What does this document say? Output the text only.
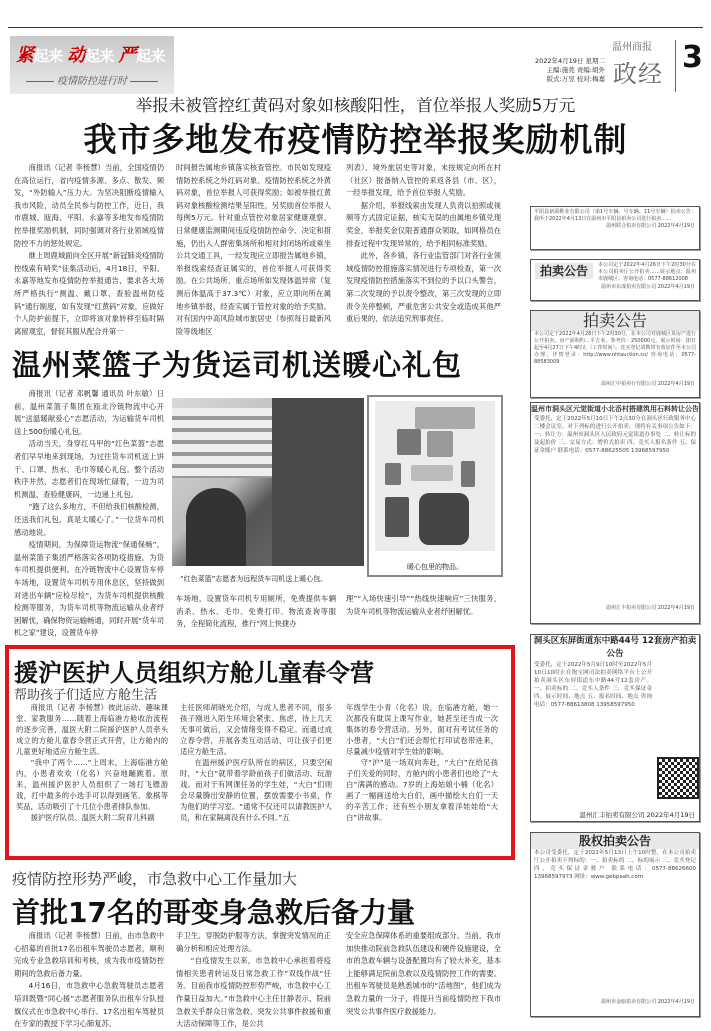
紧起来 动起来 严起来
疫情防控进行时
2022年4月19日 星期二
主编:施莞 责编:胡外
版式:万昱 校对:梅嘉
温州商报
政经 3
举报未被管控红黄码对象如核酸阳性，首位举报人奖励5万元
我市多地发布疫情防控举报奖励机制

商报讯（记者 李杨慧）当前，全国疫情仍在高位运行，省内疫情多源、多点、散发、频发，“外防输入”压力大。为坚决阻断疫情输入我市风险，动员全民参与防控工作，近日，我市鹿城、瓯海、平阳、永嘉等多地发布疫情防控举报奖励机制，同时强调对各行业领域疫情防控不力的惩处规定。

继上周鹿城面向全区开展“新冠肺炎疫情防控线索有哨奖”征集活动后，4月18日，平阳、永嘉等地发布疫情防控举报通告，要求各大场所严格执行“测温、戴口罩、查验温州防疫码”通行制度，如有发现“红黄码”对象，应做好个人防护前提下，立即将该对象转移至临时隔离留观室，督促其服从配合并第一

时间报告属地乡镇落实核查管控。市民如发现疫情防控系统之外红码对象、疫情防控系统之外黄码对象，首位举报人可获得奖励；如被举报红黄码对象核酸检测结果呈阳性，另奖励首位举报人每例5万元。针对重点管控对象居家健康观察、日常健康监测期间违反疫情防控命令、决定和措施，仍出入人群密集场所和相对封闭场所或乘坐公共交通工具，一经发现应立即报告属地乡镇，举报线索经查证属实的，首位举报人可获得奖励。在公共场所、重点场所如发现体温异常（复测后体温高于37.3℃）对象，应立即向所在属地乡镇举报，经查实属于管控对象的给予奖励。对有国内中高风险城市旅居史（参照每日最新风险等级地区

列表）、境外旅居史等对象，未按规定向所在村（社区）报备纳入管控的来返各县（市、区），一经举报发现，给予首位举报人奖励。

据介绍，举报线索由发现人负责以拍照或视频等方式固定证据，核实无误的由属地乡镇兑现奖金，举报奖金仅限普通群众领取，如网格员在排查过程中发现异常的，给予相同标准奖励。

此外，各乡镇、各行业监管部门对各行业领域疫情防控措施落实情况进行专项检查，第一次发现疫情防控措施落实不到位的予以口头警告，第二次发现的予以责令整改，第三次发现的立即责令关停整顿，严重危害公共安全或造成其他严重后果的，依法追究刑事责任。

温州菜篮子为货运司机送暖心礼包

商报讯（记者 邓帆馨 通讯员 叶东敏）日前，温州菜篮子集团在瓯北冷链物流中心开展“送温暖献爱心”志愿活动，为运输货车司机送上500份暖心礼包。

活动当天，身穿红马甲的“红色菜篮”志愿者们早早地来到现场，为过往货车司机送上饼干、口罩、热水、毛巾等暖心礼包。整个活动秩序井然，志愿者们在现场忙碌着，一边为司机测温、查验健康码，一边递上礼包。

“跑了这么多地方，不但给我们核酸检测，还送我们礼包，真是太暖心了。”一位货车司机感动地说。

疫情期间，为保障货运物流“保通保畅”，温州菜篮子集团严格落实各项防疫措施，为货车司机提供便利。在冷链物流中心设置货车停车场地，设置货车司机专用休息区，坚持做到对进出车辆“应检尽检”，为货车司机提供核酸检测等服务，为货车司机等物流运输从业者纾困解忧，确保物资运输畅通，同时开展“货车司机之家”建设，设置货车停

暖心包里的物品。
“红色菜篮”志愿者为远程货车司机送上暖心包。

车场地，设置货车司机专用厕所，免费提供车辆消杀、热水、毛巾、免费打印、物流查询等服务，全程简化流程，推行“网上快捷办

理”“入场快速引导”“热线快速响应”三快服务，为货车司机等物流运输从业者纾困解忧。

援沪医护人员组织方舱儿童春令营
帮助孩子们适应方舱生活

商报讯（记者 李杨慧）彼此运动、趣味课堂、家教服务……随着上海临港方舱收治流程的逐步完善，温医大附二院援沪医护人员牵头成立的方舱儿童春令营正式开营，让方舱内的儿童更好地适应方舱生活。

“我中了两个……”上周末，上海临港方舱内，小患者欢欢（化名）兴奋地蹦跳着。原来，温州援沪医护人员组织了一场打飞镖游戏，打中最多的小选手可以得到画笔、象棋等奖品，活动吸引了十几位小患者排队参加。

援沪医疗队员、温医大附二院育儿科副

主任医师胡晓光介绍，与成人患者不同，很多孩子刚进入陌生环境会紧张、焦虑，待上几天无事可做后，又会情绪变得不稳定。而通过成立春令营，开展各类互动活动，可让孩子们更适应方舱生活。

在温州援沪医疗队所在的病区，只要空闲时，“大白”就带着学龄前孩子们做活动、玩游戏。而对于有网课任务的学生娃，“大白”们则会尽量腾出安静的位置，摆放需要小书桌，作为他们的学习室。“通常不仅还可以请教医护人员，和在家隔离没有什么不同。”五

年级学生小青（化名）说，在临港方舱，她一次都没有耽误上课写作业，她甚至还当成一次集体的春令营活动。另外，面对有考试任务的小患者，“大白”们还会帮忙打印试卷带进来，尽量减少疫情对学生娃的影响。

守“沪”是一场双向奔赴，“大白”在给足孩子们关爱的同时，方舱内的小患者们也给了“大白”满满的感动。7岁的上海姑娘小楠（化名）画了一幅画送给大白们，画中描绘大白们一天的辛苦工作；还有些小朋友拿着洋娃娃给“大白”讲故事。

疫情防控形势严峻，市急救中心工作量加大
首批17名的哥变身急救后备力量

商报讯（记者 李杨慧）日前，由市急救中心招募的首批17名出租车驾驶员志愿者，顺利完成专业急救培训和考核，成为我市疫情防控期间的急救后备力量。

4月16日，市急救中心急救驾驶员志愿者培训既暨“同心援”志愿者服务队出租车分队授旗仪式在市急救中心举行。17名出租车驾驶员在专家的教授下学习心肺复苏、

手卫生、穿脱防护服等方法，掌握突发情况的正确分析和相应处理方法。

“自疫情发生以来，市急救中心承担着将疫情相关患者转运及日常急救工作”双线作战“任务。目前我市疫情防控形势严峻，市急救中心工作量日益加大。”市急救中心主任甘静表示，院前急救关乎群众日常急救、突发公共事件救援和重大活动保障等工作，是公共

安全应急保障体系的重要组成部分。当前，我市加快推动院前急救队伍建设和硬件设施建设，全市的急救车辆与设备配置均有了较大补充，基本上能够满足院前急救以及疫情防控工作的需要。出租车驾驶员是熟悉城市的“活地图”，他们成为急救力量的一分子，将提升当前疫情防控下我市突发公共事件医疗救援能力。

平阳县新联鞋业有限公司（第1号车辆、号车辆、11号车辆）拍卖公告：我所于2022年4月13日在温州市平阳县拍卖公司进行拍卖……
温州联合拍卖有限公司 2022年4月19日
拍卖公告	本公司定于2022年4月26日下午2时30分在本公司拍卖厅公开拍卖……展示地点：温州市鹿城区；咨询电话：0577-88612008
温州市东成拍卖有限公司 2022年4月19日
拍卖公告
本公司定于2022年4月28日下午2时30分，在本公司对鹿城区某房产进行公开拍卖。房产面积约…平方米，参考价：250000元。展示时间：即日起至4月27日下午4时止（工作时间）。竞买登记请携带有效证件至本公司办理。详情登录：http://www.nhtauction.cn/ 咨询电话：0577-88583009
温州汇中拍卖行有限公司 2022年4月19日
温州市洞头区元觉街道小北岙村搭建筑用石料转让公告
受委托，定于2022年5月10日下午2点30分在洞头区行政服务中心二楼会议室，对下列标的进行公开拍卖，现将有关事项公告如下：一、转让方：温州市洞头区人民政府元觉街道办事处 二、转让标的及起拍价 三、交易方式：增价式拍卖 四、竞买人报名条件 五、保证金账户 联系电话：0577-88625505 13968597950
温州汇丰拍卖有限公司 2022年4月19日
洞头区东屏街道东中路44号 12套房产拍卖公告
受委托，定于2022年5月9日10时至2022年5月10日10时止在淘宝网司法拍卖网络平台上公开拍卖洞头区东屏街道东中路44号12套房产。一、拍卖标的 二、竞买人条件 三、竞买保证金 四、展示时间、地点 五、报名时间、地点 咨询电话：0577-88613808 13958597950
温州汇丰拍卖有限公司 2022年4月19日
股权拍卖公告
本公司受委托，定于2022年5月13日上午10时整，在本公司拍卖厅公开拍卖下列标的：一、拍卖标的 二、标的展示 三、竞买登记 四、竞买保证金账户 联系电话：0577-88626600 13968597973 网址：www.gebpaah.com
温州市金瓯拍卖有限公司 2022年4月19日
